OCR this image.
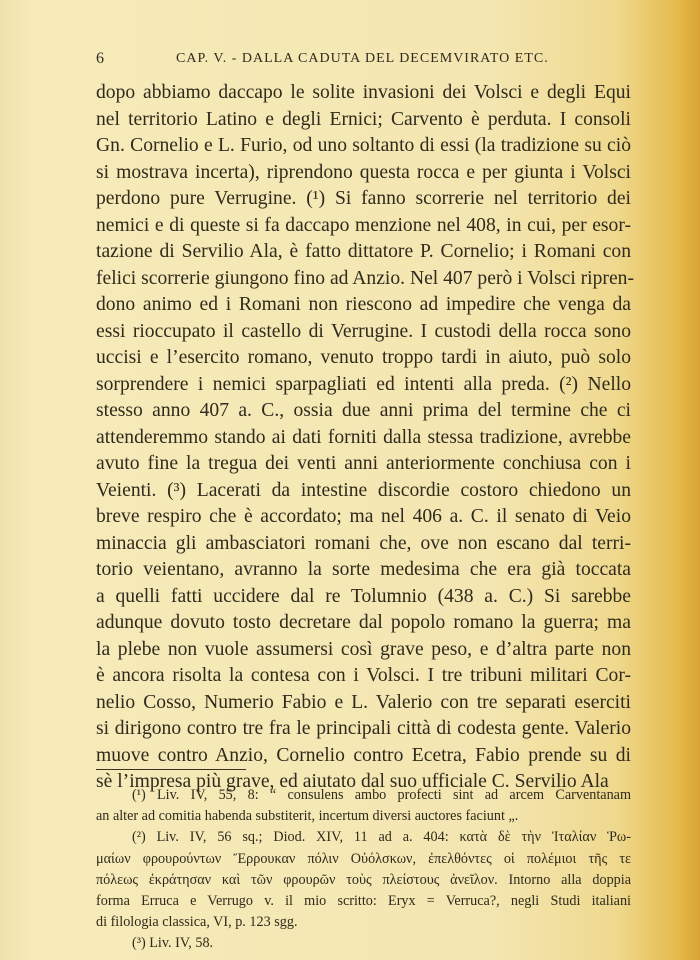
6	CAP. V. - DALLA CADUTA DEL DECEMVIRATO ETC.
dopo abbiamo daccapo le solite invasioni dei Volsci e degli Equi
nel territorio Latino e degli Ernici; Carvento è perduta. I consoli
Gn. Cornelio e L. Furio, od uno soltanto di essi (la tradizione su ciò
si mostrava incerta), riprendono questa rocca e per giunta i Volsci
perdono pure Verrugine. (¹) Si fanno scorrerie nel territorio dei
nemici e di queste si fa daccapo menzione nel 408, in cui, per esor-
tazione di Servilio Ala, è fatto dittatore P. Cornelio; i Romani con
felici scorrerie giungono fino ad Anzio. Nel 407 però i Volsci ripren-
dono animo ed i Romani non riescono ad impedire che venga da
essi rioccupato il castello di Verrugine. I custodi della rocca sono
uccisi e l’esercito romano, venuto troppo tardi in aiuto, può solo
sorprendere i nemici sparpagliati ed intenti alla preda. (²) Nello
stesso anno 407 a. C., ossia due anni prima del termine che ci
attenderemmo stando ai dati forniti dalla stessa tradizione, avrebbe
avuto fine la tregua dei venti anni anteriormente conchiusa con i
Veienti. (³) Lacerati da intestine discordie costoro chiedono un
breve respiro che è accordato; ma nel 406 a. C. il senato di Veio
minaccia gli ambasciatori romani che, ove non escano dal terri-
torio veientano, avranno la sorte medesima che era già toccata
a quelli fatti uccidere dal re Tolumnio (438 a. C.) Si sarebbe
adunque dovuto tosto decretare dal popolo romano la guerra; ma
la plebe non vuole assumersi così grave peso, e d’altra parte non
è ancora risolta la contesa con i Volsci. I tre tribuni militari Cor-
nelio Cosso, Numerio Fabio e L. Valerio con tre separati eserciti
si dirigono contro tre fra le principali città di codesta gente. Valerio
muove contro Anzio, Cornelio contro Ecetra, Fabio prende su di
sè l’impresa più grave, ed aiutato dal suo ufficiale C. Servilio Ala
(¹) Liv. IV, 55, 8: “ consulens ambo profecti sint ad arcem Carventanam
an alter ad comitia habenda substiterit, incertum diversi auctores faciunt „.
(²) Liv. IV, 56 sq.; Diod. XIV, 11 ad a. 404: κατὰ δὲ τὴν Ἰταλίαν Ῥω-
μαίων φρουρούντων Ἔρρουκαν πόλιν Οὐόλσκων, ἐπελθόντες οἱ πολέμιοι τῆς τε
πόλεως ἐκράτησαν καὶ τῶν φρουρῶν τοὺς πλείστους ἀνεῖλον. Intorno alla doppia
forma Erruca e Verrugo v. il mio scritto: Eryx = Verruca?, negli Studi italiani
di filologia classica, VI, p. 123 sgg.
(³) Liv. IV, 58.
